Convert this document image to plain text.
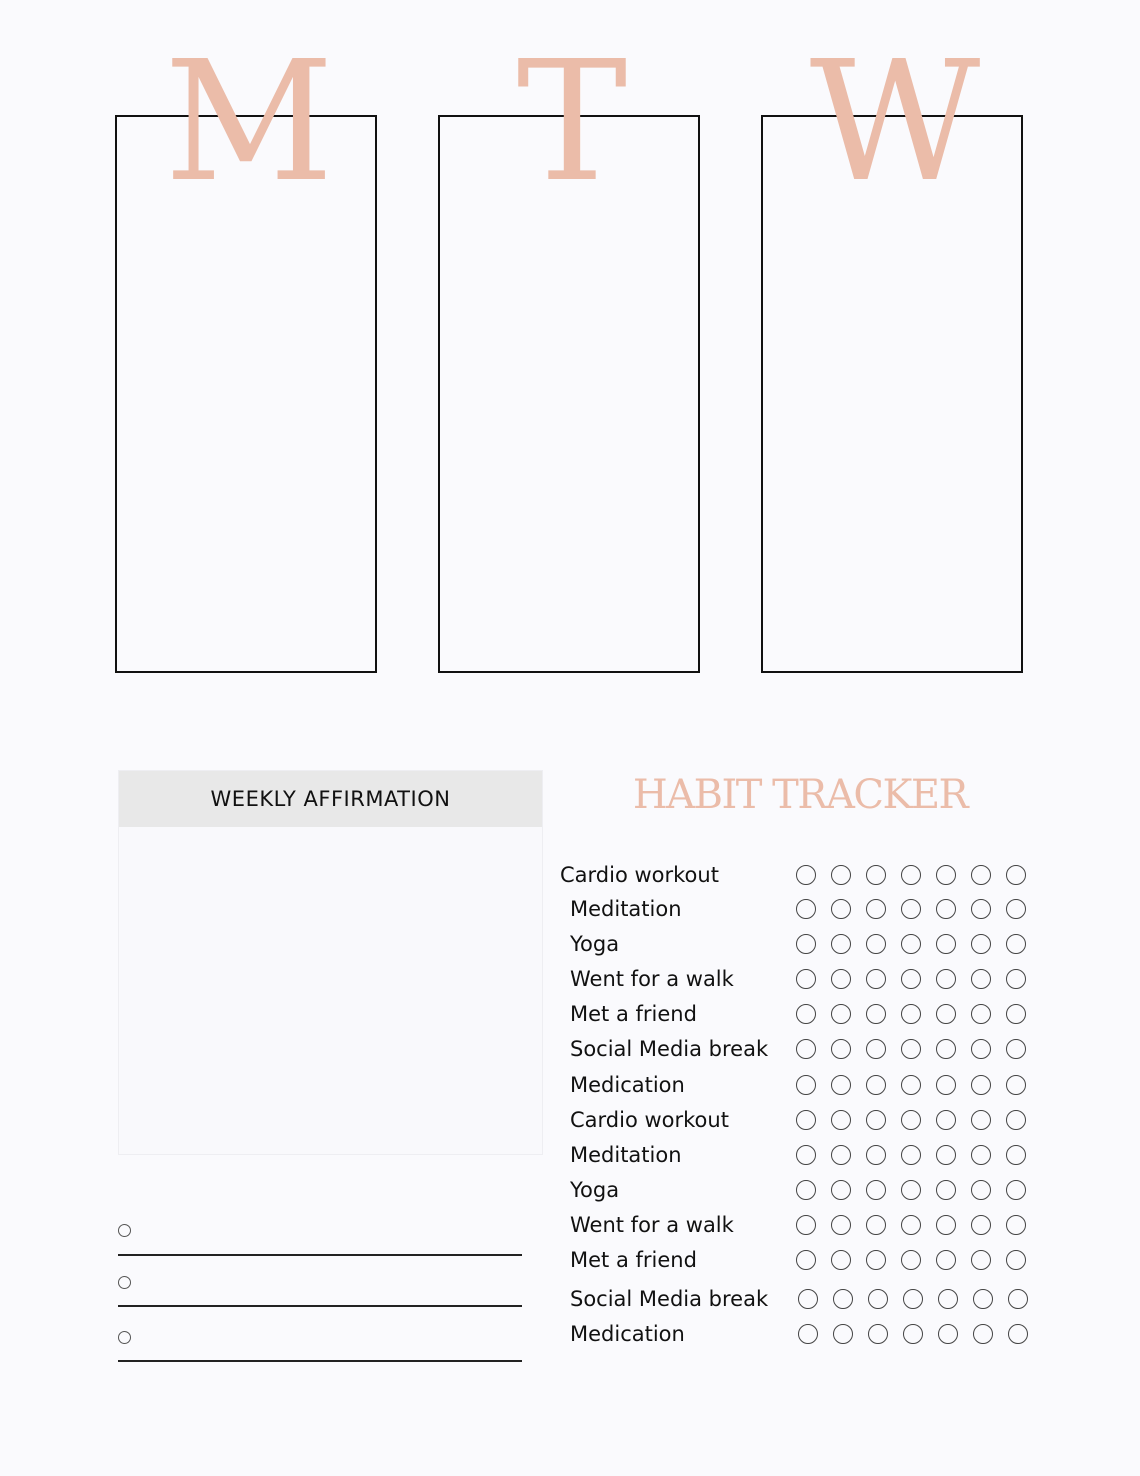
M	T	W
WEEKLY AFFIRMATION	HABIT TRACKER
Cardio workout
Meditation
Yoga
Went for a walk
Met a friend
Social Media break
Medication
Cardio workout
Meditation
Yoga
Went for a walk
Met a friend
Social Media break
Medication
